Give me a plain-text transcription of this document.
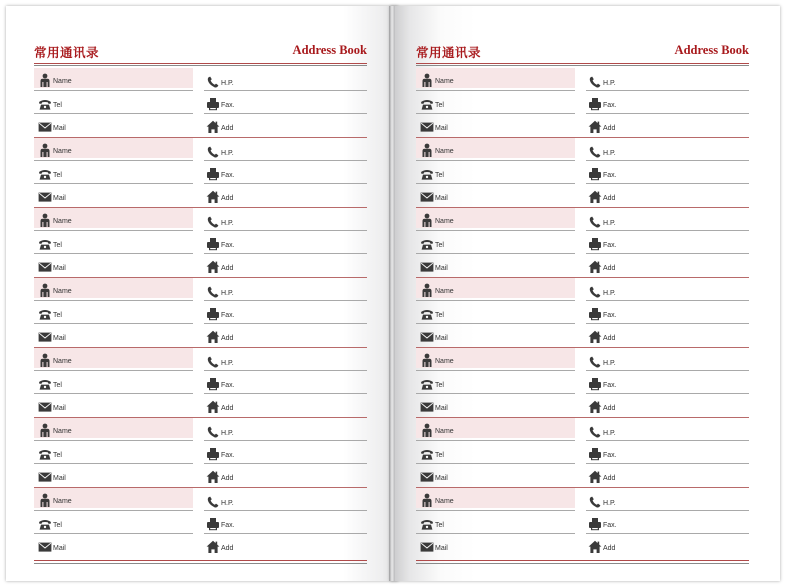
常用通讯录	Address Book
Name	H.P.
Tel	Fax.
Mail	Add
Name	H.P.
Tel	Fax.
Mail	Add
Name	H.P.
Tel	Fax.
Mail	Add
Name	H.P.
Tel	Fax.
Mail	Add
Name	H.P.
Tel	Fax.
Mail	Add
Name	H.P.
Tel	Fax.
Mail	Add
Name	H.P.
Tel	Fax.
Mail	Add
常用通讯录	Address Book
Name	H.P.
Tel	Fax.
Mail	Add
Name	H.P.
Tel	Fax.
Mail	Add
Name	H.P.
Tel	Fax.
Mail	Add
Name	H.P.
Tel	Fax.
Mail	Add
Name	H.P.
Tel	Fax.
Mail	Add
Name	H.P.
Tel	Fax.
Mail	Add
Name	H.P.
Tel	Fax.
Mail	Add
